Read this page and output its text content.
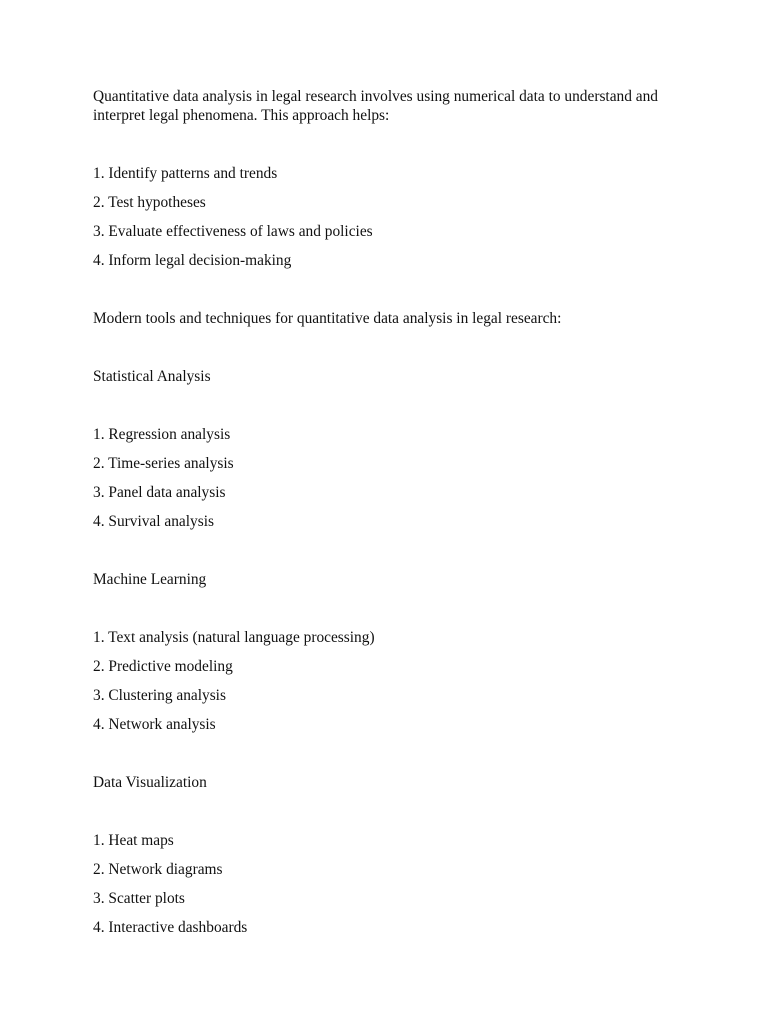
Quantitative data analysis in legal research involves using numerical data to understand and
interpret legal phenomena. This approach helps:
1. Identify patterns and trends
2. Test hypotheses
3. Evaluate effectiveness of laws and policies
4. Inform legal decision-making
Modern tools and techniques for quantitative data analysis in legal research:
Statistical Analysis
1. Regression analysis
2. Time-series analysis
3. Panel data analysis
4. Survival analysis
Machine Learning
1. Text analysis (natural language processing)
2. Predictive modeling
3. Clustering analysis
4. Network analysis
Data Visualization
1. Heat maps
2. Network diagrams
3. Scatter plots
4. Interactive dashboards
